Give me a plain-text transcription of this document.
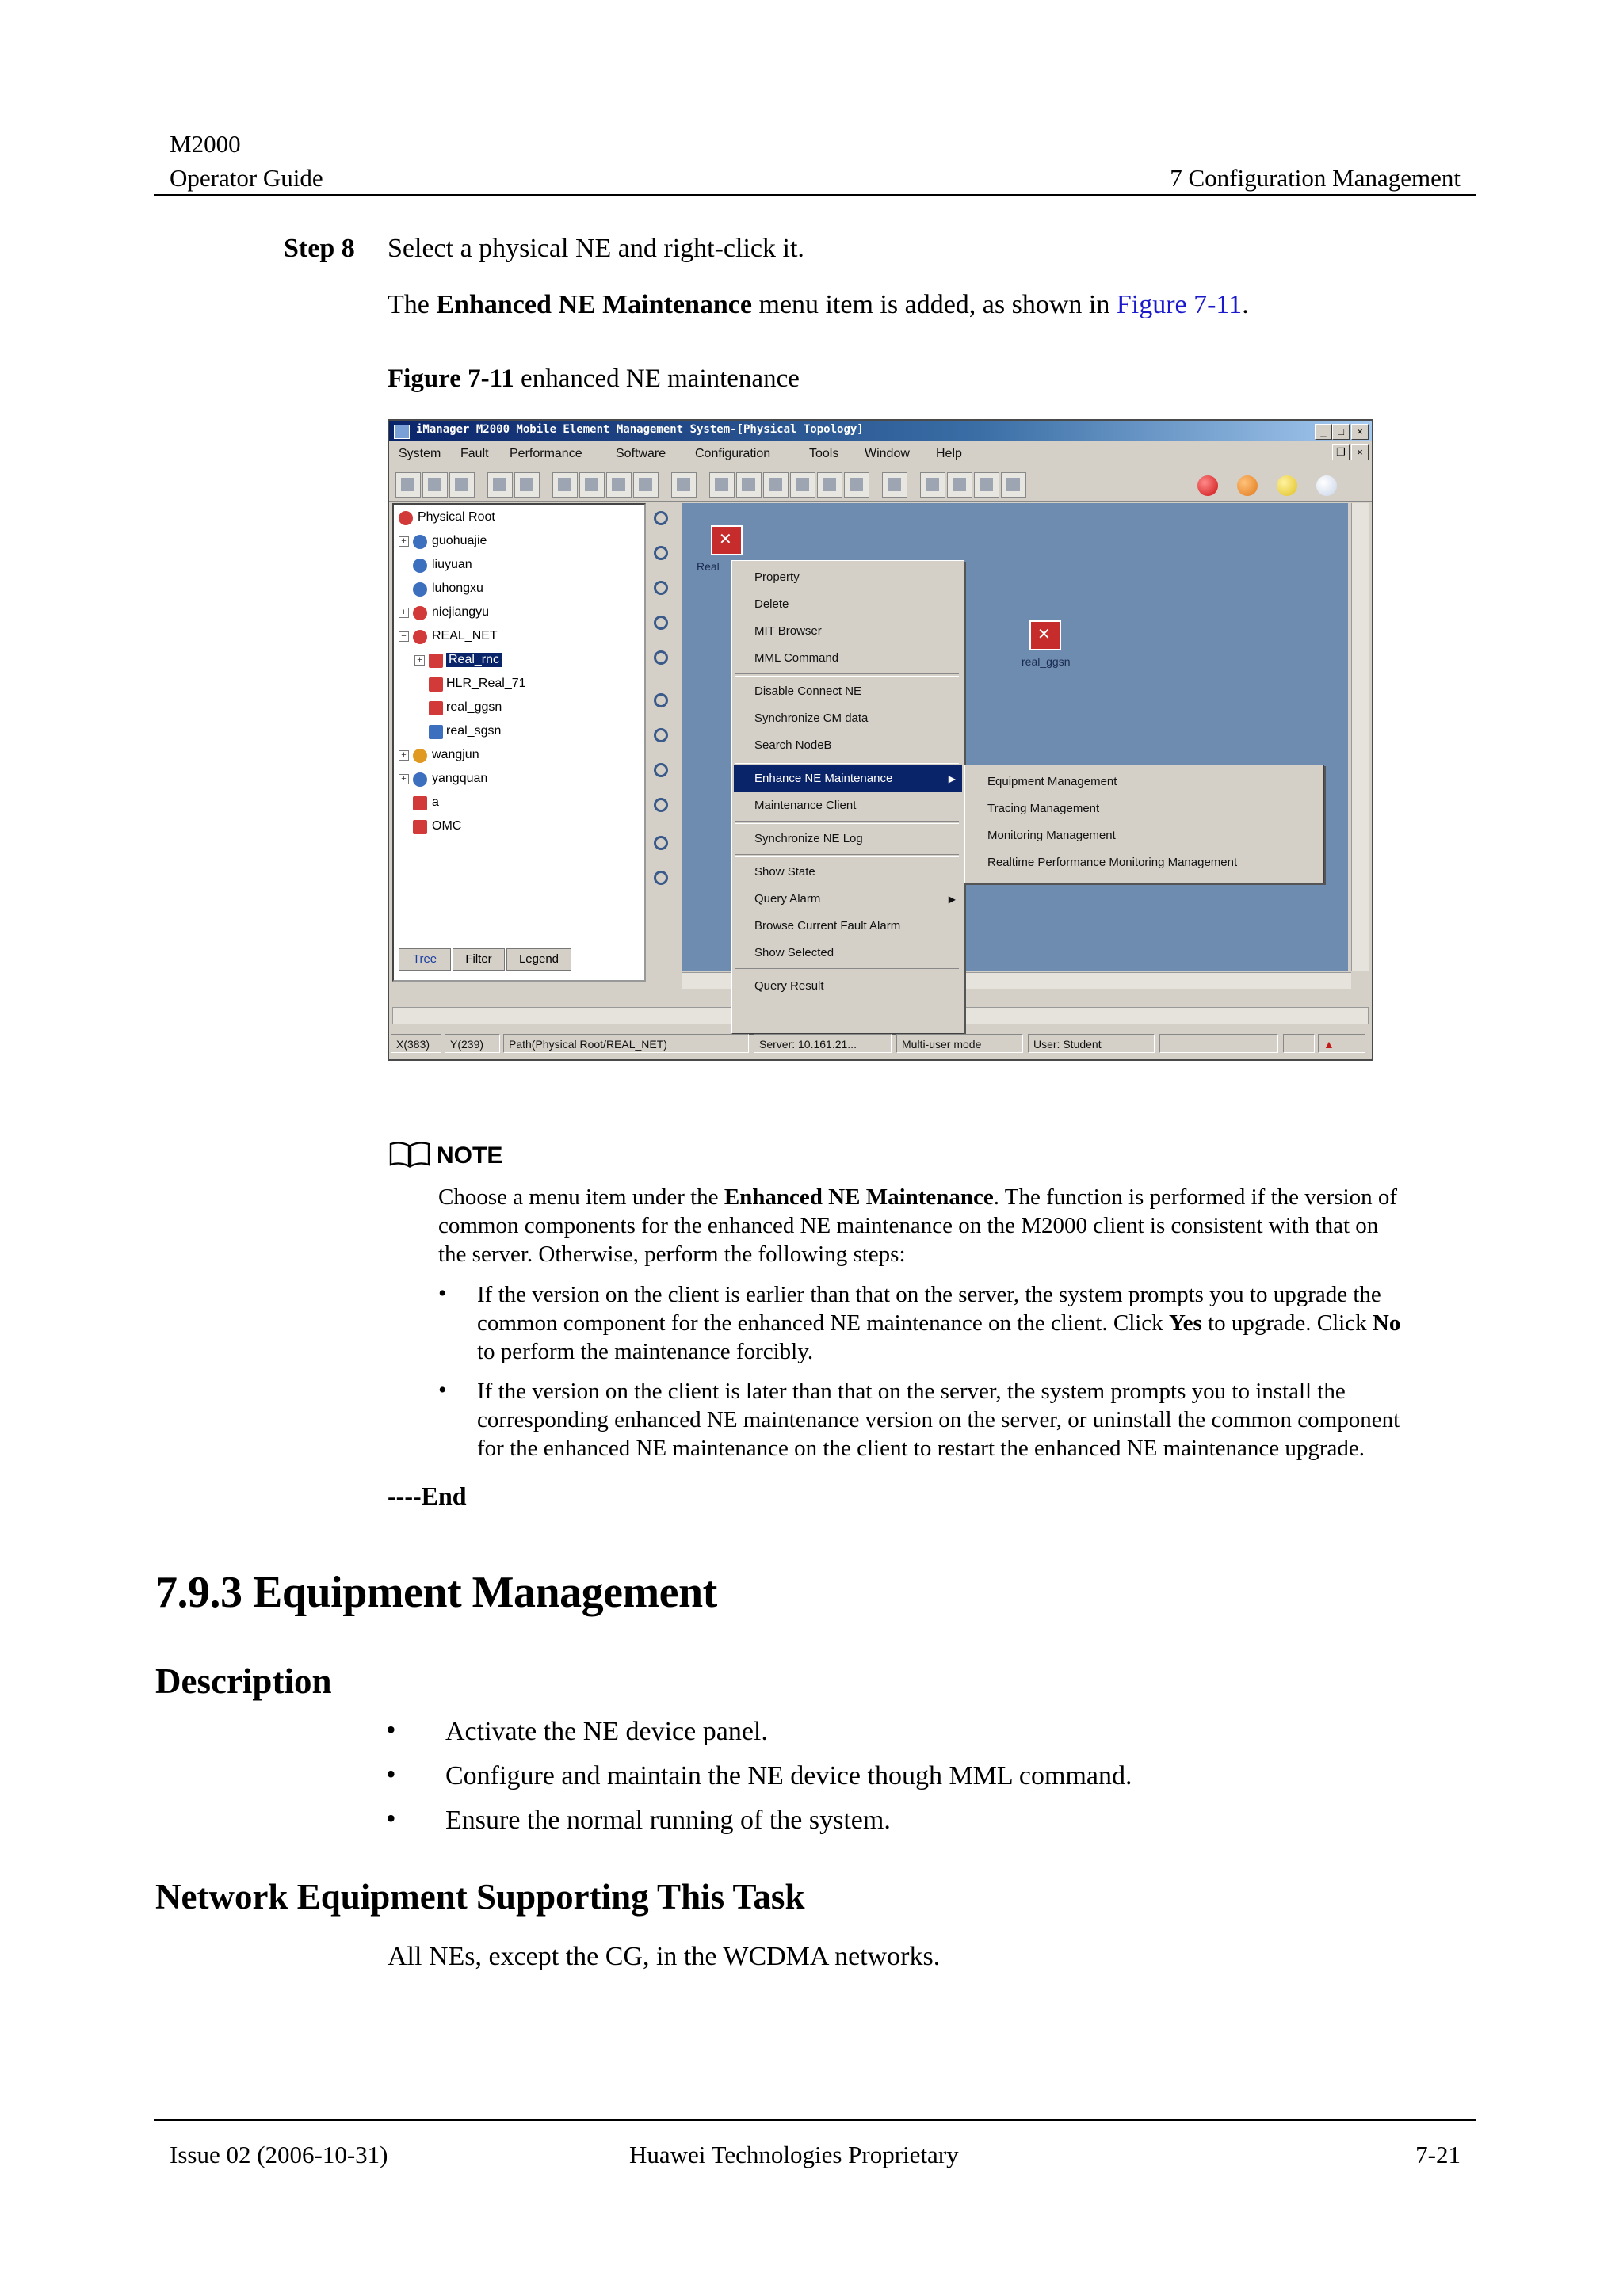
M2000
Operator Guide	7 Configuration Management
Step 8 Select a physical NE and right-click it.
The Enhanced NE Maintenance menu item is added, as shown in Figure 7-11.
Figure 7-11 enhanced NE maintenance
iManager M2000 Mobile Element Management System-[Physical Topology]	_	□	×
System Fault Performance	Software Configuration	Tools Window Help	❐	×
Physical Root
+ guohuajie
liuyuan
luhongxu
+ niejiangyu
− REAL_NET
+ Real_rnc
HLR_Real_71
real_ggsn
real_sgsn
+ wangjun
+ yangquan
a
OMC
Tree	Filter	Legend
✕
Real
✕
real_ggsn
Property
Delete
MIT Browser
MML Command
Disable Connect NE
Synchronize CM data
Search NodeB
Enhance NE Maintenance	▶
Maintenance Client
Synchronize NE Log
Show State
Query Alarm	▶
Browse Current Fault Alarm
Show Selected
Query Result
Equipment Management
Tracing Management
Monitoring Management
Realtime Performance Monitoring Management
X(383)	Y(239)	Path(Physical Root/REAL_NET)	Server: 10.161.21...	Multi-user mode	User: Student	▲
NOTE
Choose a menu item under the Enhanced NE Maintenance. The function is performed if the version of
common components for the enhanced NE maintenance on the M2000 client is consistent with that on
the server. Otherwise, perform the following steps:
• If the version on the client is earlier than that on the server, the system prompts you to upgrade the
common component for the enhanced NE maintenance on the client. Click Yes to upgrade. Click No
to perform the maintenance forcibly.
• If the version on the client is later than that on the server, the system prompts you to install the
corresponding enhanced NE maintenance version on the server, or uninstall the common component
for the enhanced NE maintenance on the client to restart the enhanced NE maintenance upgrade.
----End
7.9.3 Equipment Management
Description
• Activate the NE device panel.
• Configure and maintain the NE device though MML command.
• Ensure the normal running of the system.
Network Equipment Supporting This Task
All NEs, except the CG, in the WCDMA networks.
Issue 02 (2006-10-31)	Huawei Technologies Proprietary	7-21
